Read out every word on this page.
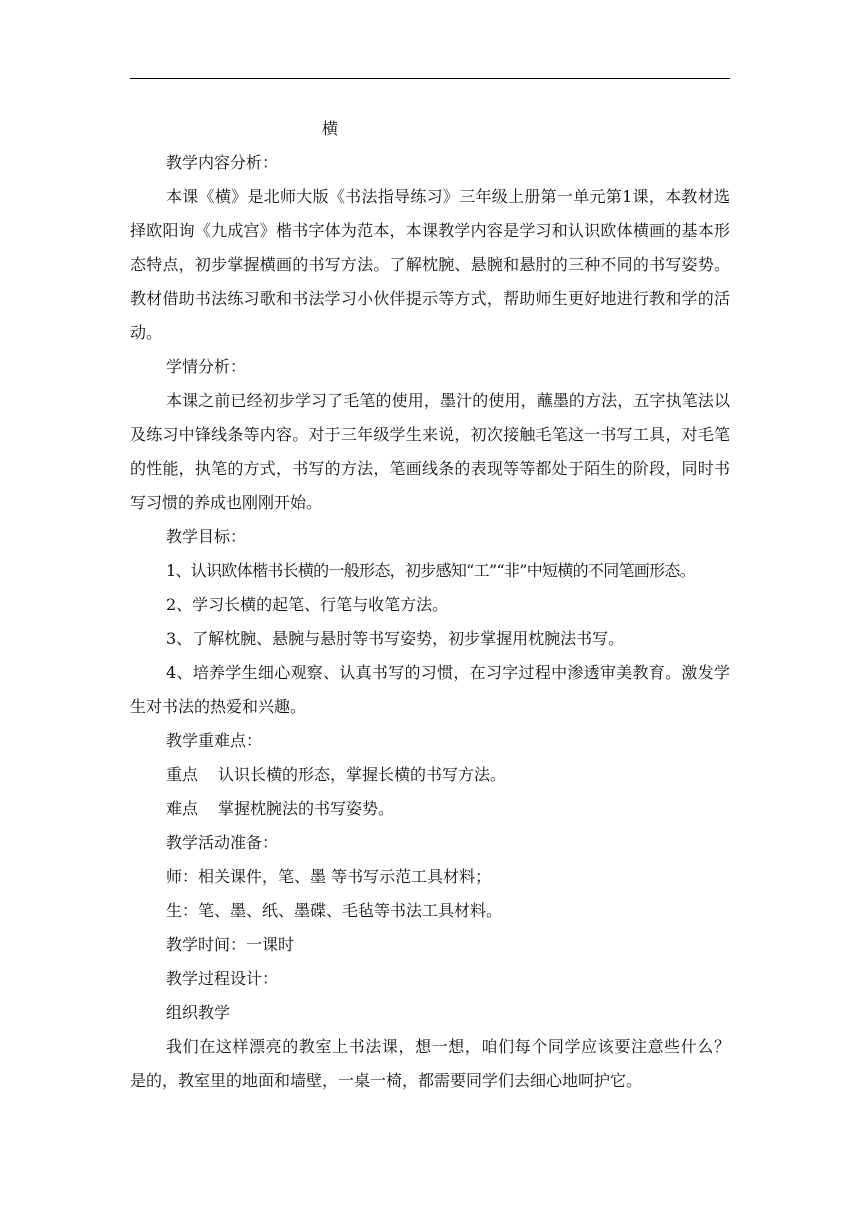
横

教学内容分析：

本课《横》是北师大版《书法指导练习》三年级上册第一单元第1课，本教材选择欧阳询《九成宫》楷书字体为范本，本课教学内容是学习和认识欧体横画的基本形态特点，初步掌握横画的书写方法。了解枕腕、悬腕和悬肘的三种不同的书写姿势。教材借助书法练习歌和书法学习小伙伴提示等方式，帮助师生更好地进行教和学的活动。

学情分析：

本课之前已经初步学习了毛笔的使用，墨汁的使用，蘸墨的方法，五字执笔法以及练习中锋线条等内容。对于三年级学生来说，初次接触毛笔这一书写工具，对毛笔的性能，执笔的方式，书写的方法，笔画线条的表现等等都处于陌生的阶段，同时书写习惯的养成也刚刚开始。

教学目标：

1、认识欧体楷书长横的一般形态，初步感知“工”“非”中短横的不同笔画形态。

2、学习长横的起笔、行笔与收笔方法。

3、了解枕腕、悬腕与悬肘等书写姿势，初步掌握用枕腕法书写。

4、培养学生细心观察、认真书写的习惯，在习字过程中渗透审美教育。激发学生对书法的热爱和兴趣。

教学重难点：

重点 认识长横的形态，掌握长横的书写方法。

难点 掌握枕腕法的书写姿势。

教学活动准备：

师：相关课件，笔、墨 等书写示范工具材料；

生：笔、墨、纸、墨碟、毛毡等书法工具材料。

教学时间：一课时

教学过程设计：

组织教学

我们在这样漂亮的教室上书法课，想一想，咱们每个同学应该要注意些什么？ 是的，教室里的地面和墙壁，一桌一椅，都需要同学们去细心地呵护它。
